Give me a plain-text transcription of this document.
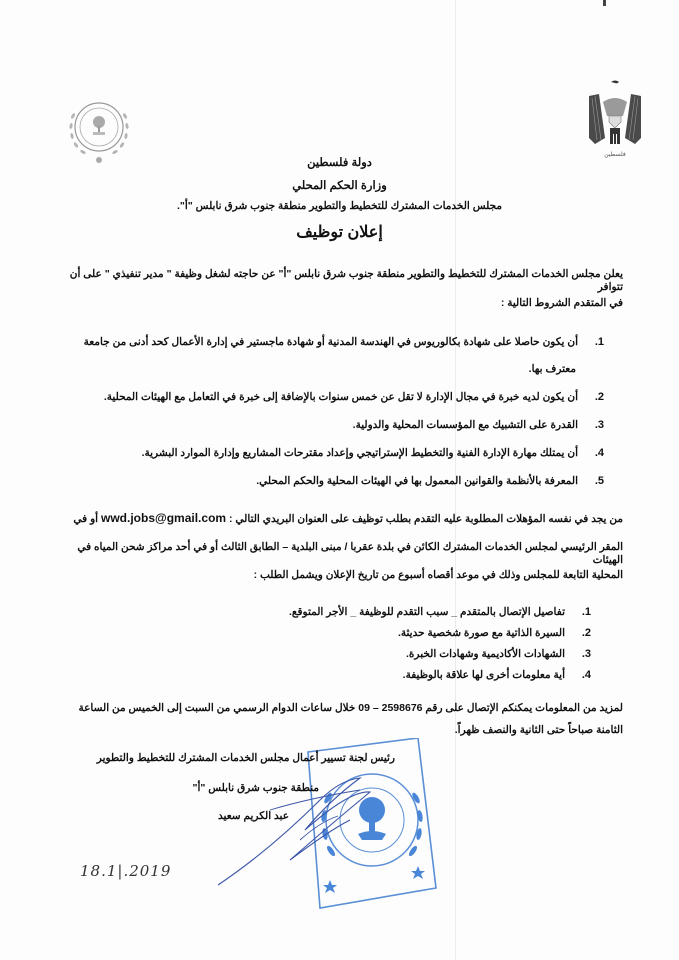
فلسطين
دولة فلسطين
وزارة الحكم المحلي
مجلس الخدمات المشترك للتخطيط والتطوير منطقة جنوب شرق نابلس "أ".
إعلان توظيف
يعلن مجلس الخدمات المشترك للتخطيط والتطوير منطقة جنوب شرق نابلس "أ" عن حاجته لشغل وظيفة " مدير تنفيذي " على أن تتوافر
في المتقدم الشروط التالية :
1.أن يكون حاصلا على شهادة بكالوريوس في الهندسة المدنية أو شهادة ماجستير في إدارة الأعمال كحد أدنى من جامعة
معترف بها.
2.أن يكون لديه خبرة في مجال الإدارة لا تقل عن خمس سنوات بالإضافة إلى خبرة في التعامل مع الهيئات المحلية.
3.القدرة على التشبيك مع المؤسسات المحلية والدولية.
4.أن يمتلك مهارة الإدارة الفنية والتخطيط الإستراتيجي وإعداد مقترحات المشاريع وإدارة الموارد البشرية.
5.المعرفة بالأنظمة والقوانين المعمول بها في الهيئات المحلية والحكم المحلي.
من يجد في نفسه المؤهلات المطلوبة عليه التقدم بطلب توظيف على العنوان البريدي التالي : wwd.jobs@gmail.com أو في
المقر الرئيسي لمجلس الخدمات المشترك الكائن في بلدة عقربا / مبنى البلدية – الطابق الثالث أو في أحد مراكز شحن المياه في الهيئات
المحلية التابعة للمجلس وذلك في موعد أقصاه أسبوع من تاريخ الإعلان ويشمل الطلب :
1.تفاصيل الإتصال بالمتقدم _ سبب التقدم للوظيفة _ الأجر المتوقع.
2.السيرة الذاتية مع صورة شخصية حديثة.
3.الشهادات الأكاديمية وشهادات الخبرة.
4.أية معلومات أخرى لها علاقة بالوظيفة.
لمزيد من المعلومات يمكنكم الإتصال على رقم 2598676 – 09 خلال ساعات الدوام الرسمي من السبت إلى الخميس من الساعة
الثامنة صباحاً حتى الثانية والنصف ظهراً.
رئيس لجنة تسيير أعمال مجلس الخدمات المشترك للتخطيط والتطوير
منطقة جنوب شرق نابلس "أ"
عبد الكريم سعيد
18.1|.2019
